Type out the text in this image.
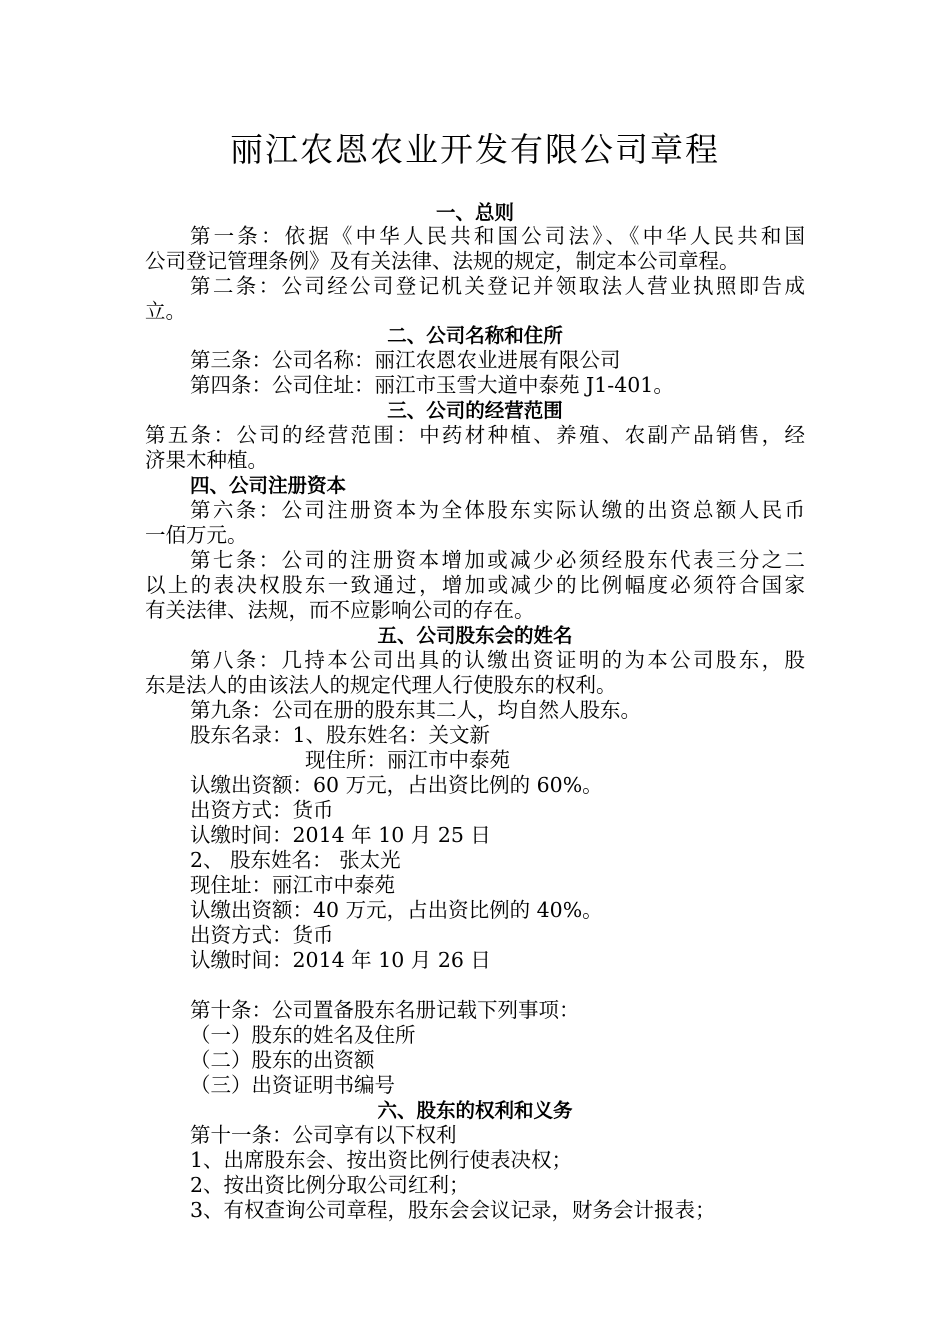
丽江农恩农业开发有限公司章程
一、总则
第一条：依据《中华人民共和国公司法》、《中华人民共和国
公司登记管理条例》及有关法律、法规的规定，制定本公司章程。
第二条：公司经公司登记机关登记并领取法人营业执照即告成
立。
二、公司名称和住所
第三条：公司名称：丽江农恩农业进展有限公司
第四条：公司住址：丽江市玉雪大道中泰苑 J1-401。
三、公司的经营范围
第五条：公司的经营范围：中药材种植、养殖、农副产品销售，经
济果木种植。
四、公司注册资本
第六条：公司注册资本为全体股东实际认缴的出资总额人民币
一佰万元。
第七条：公司的注册资本增加或减少必须经股东代表三分之二
以上的表决权股东一致通过，增加或减少的比例幅度必须符合国家
有关法律、法规，而不应影响公司的存在。
五、公司股东会的姓名
第八条：几持本公司出具的认缴出资证明的为本公司股东，股
东是法人的由该法人的规定代理人行使股东的权利。
第九条：公司在册的股东其二人，均自然人股东。
股东名录：1、股东姓名：关文新
现住所：丽江市中泰苑
认缴出资额：60 万元，占出资比例的 60%。
出资方式：货币
认缴时间：2014 年 10 月 25 日
2、 股东姓名： 张太光
现住址：丽江市中泰苑
认缴出资额：40 万元，占出资比例的 40%。
出资方式：货币
认缴时间：2014 年 10 月 26 日
第十条：公司置备股东名册记载下列事项：
（一）股东的姓名及住所
（二）股东的出资额
（三）出资证明书编号
六、股东的权利和义务
第十一条：公司享有以下权利
1、出席股东会、按出资比例行使表决权；
2、按出资比例分取公司红利；
3、有权查询公司章程，股东会会议记录，财务会计报表；
